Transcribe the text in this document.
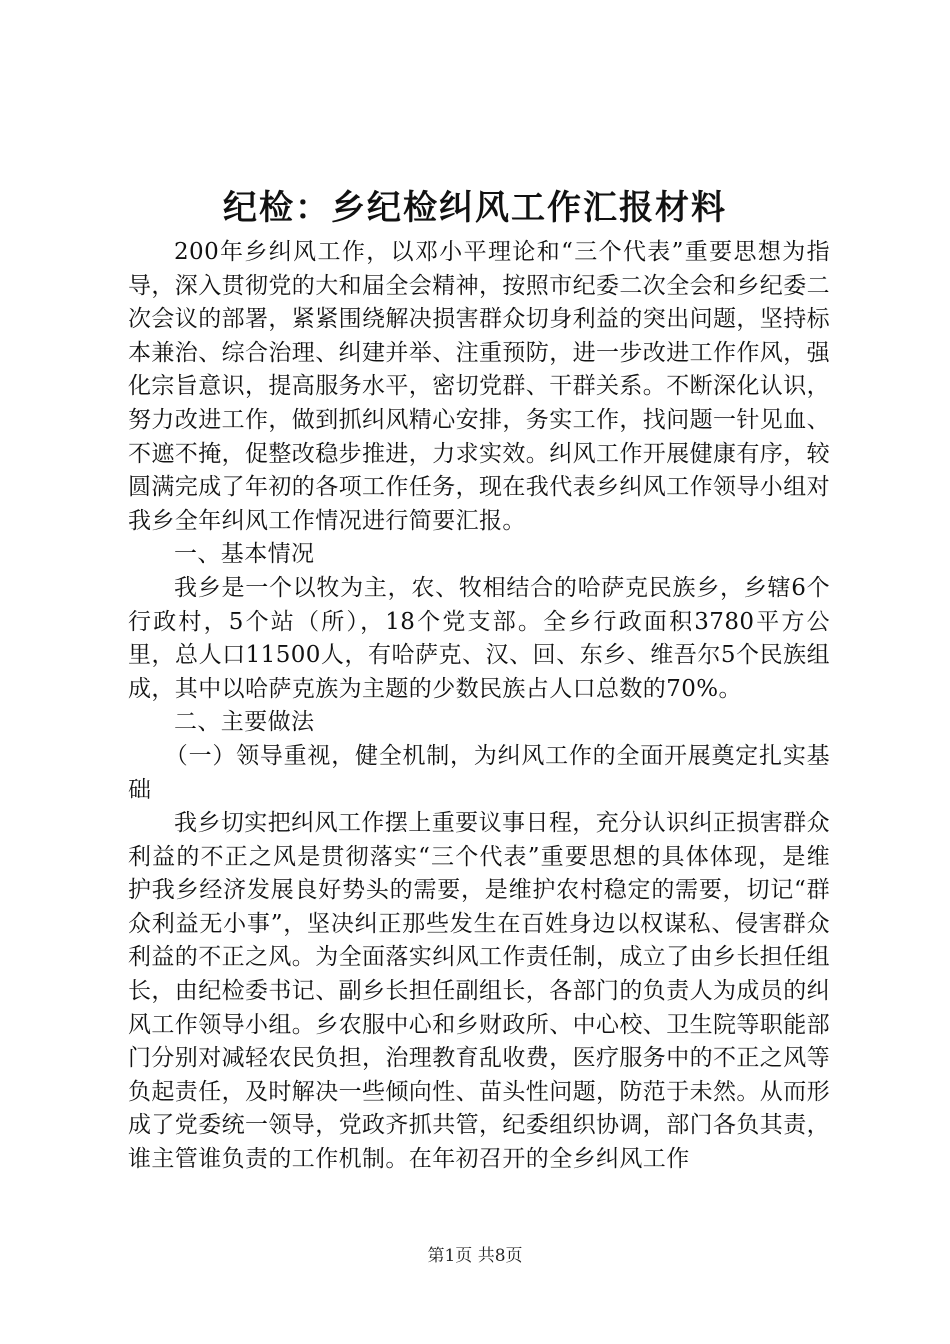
纪检：乡纪检纠风工作汇报材料

200年乡纠风工作，以邓小平理论和“三个代表”重要思想为指导，深入贯彻党的大和届全会精神，按照市纪委二次全会和乡纪委二次会议的部署，紧紧围绕解决损害群众切身利益的突出问题，坚持标本兼治、综合治理、纠建并举、注重预防，进一步改进工作作风，强化宗旨意识，提高服务水平，密切党群、干群关系。不断深化认识，努力改进工作，做到抓纠风精心安排，务实工作，找问题一针见血、不遮不掩，促整改稳步推进，力求实效。纠风工作开展健康有序，较圆满完成了年初的各项工作任务，现在我代表乡纠风工作领导小组对我乡全年纠风工作情况进行简要汇报。

一、基本情况

我乡是一个以牧为主，农、牧相结合的哈萨克民族乡，乡辖6个行政村，5个站（所），18个党支部。全乡行政面积3780平方公里，总人口11500人，有哈萨克、汉、回、东乡、维吾尔5个民族组成，其中以哈萨克族为主题的少数民族占人口总数的70%。

二、主要做法

（一）领导重视，健全机制，为纠风工作的全面开展奠定扎实基础

我乡切实把纠风工作摆上重要议事日程，充分认识纠正损害群众利益的不正之风是贯彻落实“三个代表”重要思想的具体体现，是维护我乡经济发展良好势头的需要，是维护农村稳定的需要，切记“群众利益无小事”，坚决纠正那些发生在百姓身边以权谋私、侵害群众利益的不正之风。为全面落实纠风工作责任制，成立了由乡长担任组长，由纪检委书记、副乡长担任副组长，各部门的负责人为成员的纠风工作领导小组。乡农服中心和乡财政所、中心校、卫生院等职能部门分别对减轻农民负担，治理教育乱收费，医疗服务中的不正之风等负起责任，及时解决一些倾向性、苗头性问题，防范于未然。从而形成了党委统一领导，党政齐抓共管，纪委组织协调，部门各负其责，谁主管谁负责的工作机制。在年初召开的全乡纠风工作

第1页 共8页
